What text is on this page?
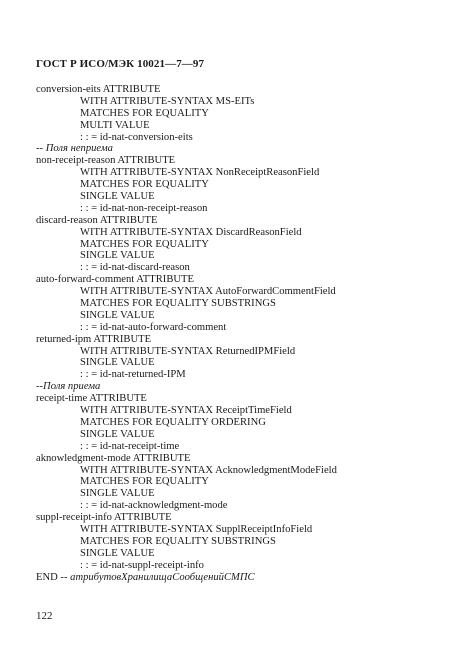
ГОСТ Р ИСО/МЭК 10021—7—97
conversion-eits ATTRIBUTE
WITH ATTRIBUTE-SYNTAX MS-EITs
MATCHES FOR EQUALITY
MULTI VALUE
: : = id-nat-conversion-eits
-- Поля неприема
non-receipt-reason ATTRIBUTE
WITH ATTRIBUTE-SYNTAX NonReceiptReasonField
MATCHES FOR EQUALITY
SINGLE VALUE
: : = id-nat-non-receipt-reason
discard-reason ATTRIBUTE
WITH ATTRIBUTE-SYNTAX DiscardReasonField
MATCHES FOR EQUALITY
SINGLE VALUE
: : = id-nat-discard-reason
auto-forward-comment ATTRIBUTE
WITH ATTRIBUTE-SYNTAX AutoForwardCommentField
MATCHES FOR EQUALITY SUBSTRINGS
SINGLE VALUE
: : = id-nat-auto-forward-comment
returned-ipm ATTRIBUTE
WITH ATTRIBUTE-SYNTAX ReturnedIPMField
SINGLE VALUE
: : = id-nat-returned-IPM
--Поля приема
receipt-time ATTRIBUTE
WITH ATTRIBUTE-SYNTAX ReceiptTimeField
MATCHES FOR EQUALITY ORDERING
SINGLE VALUE
: : = id-nat-receipt-time
aknowledgment-mode ATTRIBUTE
WITH ATTRIBUTE-SYNTAX AcknowledgmentModeField
MATCHES FOR EQUALITY
SINGLE VALUE
: : = id-nat-acknowledgment-mode
suppl-receipt-info ATTRIBUTE
WITH ATTRIBUTE-SYNTAX SupplReceiptInfoField
MATCHES FOR EQUALITY SUBSTRINGS
SINGLE VALUE
: : = id-nat-suppl-receipt-info
END -- атрибутовХранилищаСообщенийСМПС
122
